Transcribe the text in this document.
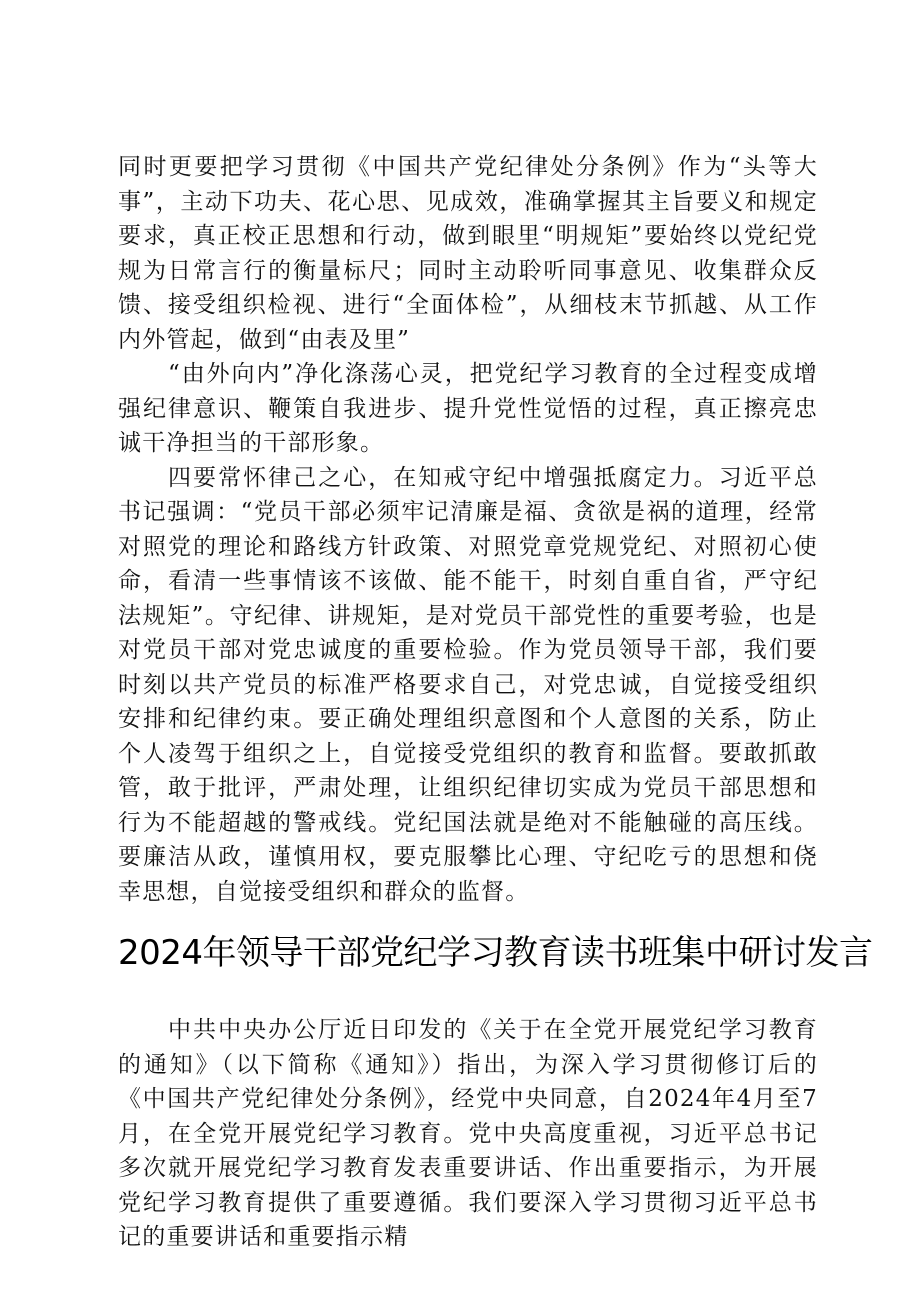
同时更要把学习贯彻《中国共产党纪律处分条例》作为“头等大事”，主动下功夫、花心思、见成效，准确掌握其主旨要义和规定要求，真正校正思想和行动，做到眼里“明规矩”要始终以党纪党规为日常言行的衡量标尺；同时主动聆听同事意见、收集群众反馈、接受组织检视、进行“全面体检”，从细枝末节抓越、从工作内外管起，做到“由表及里”

“由外向内”净化涤荡心灵，把党纪学习教育的全过程变成增强纪律意识、鞭策自我进步、提升党性觉悟的过程，真正擦亮忠诚干净担当的干部形象。

四要常怀律己之心，在知戒守纪中增强抵腐定力。习近平总书记强调：“党员干部必须牢记清廉是福、贪欲是祸的道理，经常对照党的理论和路线方针政策、对照党章党规党纪、对照初心使命，看清一些事情该不该做、能不能干，时刻自重自省，严守纪法规矩”。守纪律、讲规矩，是对党员干部党性的重要考验，也是对党员干部对党忠诚度的重要检验。作为党员领导干部，我们要时刻以共产党员的标准严格要求自己，对党忠诚，自觉接受组织安排和纪律约束。要正确处理组织意图和个人意图的关系，防止个人凌驾于组织之上，自觉接受党组织的教育和监督。要敢抓敢管，敢于批评，严肃处理，让组织纪律切实成为党员干部思想和行为不能超越的警戒线。党纪国法就是绝对不能触碰的高压线。要廉洁从政，谨慎用权，要克服攀比心理、守纪吃亏的思想和侥幸思想，自觉接受组织和群众的监督。

2024年领导干部党纪学习教育读书班集中研讨发言

中共中央办公厅近日印发的《关于在全党开展党纪学习教育的通知》（以下简称《通知》）指出，为深入学习贯彻修订后的《中国共产党纪律处分条例》，经党中央同意，自2024年4月至7月，在全党开展党纪学习教育。党中央高度重视，习近平总书记多次就开展党纪学习教育发表重要讲话、作出重要指示，为开展党纪学习教育提供了重要遵循。我们要深入学习贯彻习近平总书记的重要讲话和重要指示精
